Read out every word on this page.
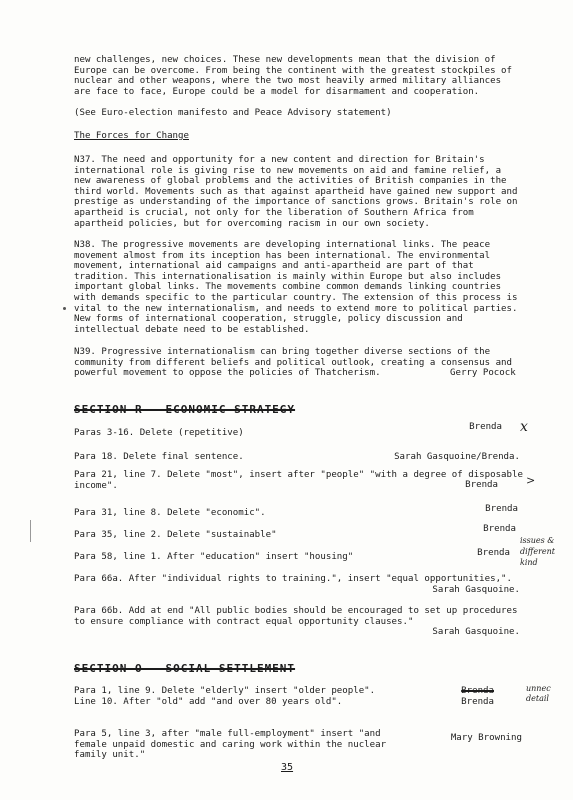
new challenges, new choices. These new developments mean that the division of Europe can be overcome. From being the continent with the greatest stockpiles of nuclear and other weapons, where the two most heavily armed military alliances are face to face, Europe could be a model for disarmament and cooperation.

(See Euro-election manifesto and Peace Advisory statement)

The Forces for Change

N37. The need and opportunity for a new content and direction for Britain's international role is giving rise to new movements on aid and famine relief, a new awareness of global problems and the activities of British companies in the third world. Movements such as that against apartheid have gained new support and prestige as understanding of the importance of sanctions grows. Britain's role on apartheid is crucial, not only for the liberation of Southern Africa from apartheid policies, but for overcoming racism in our own society.

N38. The progressive movements are developing international links. The peace movement almost from its inception has been international. The environmental movement, international aid campaigns and anti-apartheid are part of that tradition. This internationalisation is mainly within Europe but also includes important global links. The movements combine common demands linking countries with demands specific to the particular country. The extension of this process is vital to the new internationalism, and needs to extend more to political parties. New forms of international cooperation, struggle, policy discussion and intellectual debate need to be established.

N39. Progressive internationalism can bring together diverse sections of the community from different beliefs and political outlook, creating a consensus and powerful movement to oppose the policies of Thatcherism.	Gerry Pocock

SECTION R   ECONOMIC STRATEGY

Paras 3-16. Delete (repetitive)
Brenda x
Para 18. Delete final sentence.	Sarah Gasquoine/Brenda.
Para 21, line 7. Delete "most", insert after "people" "with a degree of disposable income".	Brenda	>
Para 31, line 8. Delete "economic".	Brenda
Para 35, line 2. Delete "sustainable"
Brenda
Para 58, line 1. After "education" insert "housing"	Brenda
issues & different kind
Para 66a. After "individual rights to training.", insert "equal opportunities,".
Sarah Gasquoine.
Para 66b. Add at end "All public bodies should be encouraged to set up procedures to ensure compliance with contract equal opportunity clauses."
Sarah Gasquoine.

SECTION O   SOCIAL SETTLEMENT

Para 1, line 9. Delete "elderly" insert "older people".	Brenda
Line 10. After "old" add "and over 80 years old".	Brenda
unnec detail
Para 5, line 3, after "male full-employment" insert "and female unpaid domestic and caring work within the nuclear family unit."
Mary Browning
35
